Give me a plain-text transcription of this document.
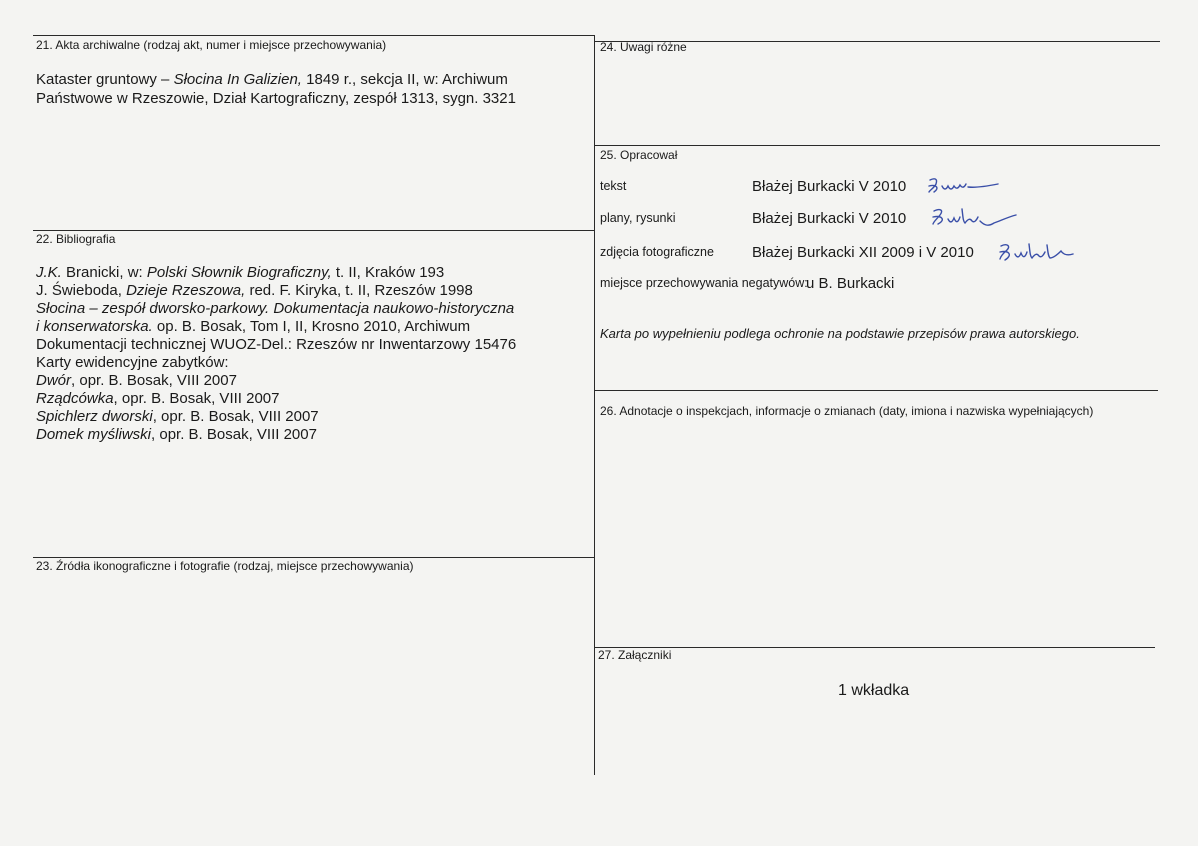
21. Akta archiwalne (rodzaj akt, numer i miejsce przechowywania)
Kataster gruntowy – Słocina In Galizien, 1849 r., sekcja II, w: Archiwum
Państwowe w Rzeszowie, Dział Kartograficzny, zespół 1313, sygn. 3321
22. Bibliografia
J.K. Branicki, w: Polski Słownik Biograficzny, t. II, Kraków 193
J. Świeboda, Dzieje Rzeszowa, red. F. Kiryka, t. II, Rzeszów 1998
Słocina – zespół dworsko-parkowy. Dokumentacja naukowo-historyczna
i konserwatorska. op. B. Bosak, Tom I, II, Krosno 2010, Archiwum
Dokumentacji technicznej WUOZ-Del.: Rzeszów nr Inwentarzowy 15476
Karty ewidencyjne zabytków:
Dwór, opr. B. Bosak, VIII 2007
Rządcówka, opr. B. Bosak, VIII 2007
Spichlerz dworski, opr. B. Bosak, VIII 2007
Domek myśliwski, opr. B. Bosak, VIII 2007
23. Źródła ikonograficzne i fotografie (rodzaj, miejsce przechowywania)
24. Uwagi różne
25. Opracował
tekst	Błażej Burkacki V 2010
plany, rysunki	Błażej Burkacki V 2010
zdjęcia fotograficzne	Błażej Burkacki XII 2009 i V 2010
miejsce przechowywania negatywów:
u B. Burkacki
Karta po wypełnieniu podlega ochronie na podstawie przepisów prawa autorskiego.
26. Adnotacje o inspekcjach, informacje o zmianach (daty, imiona i nazwiska wypełniających)
27. Załączniki
1 wkładka
